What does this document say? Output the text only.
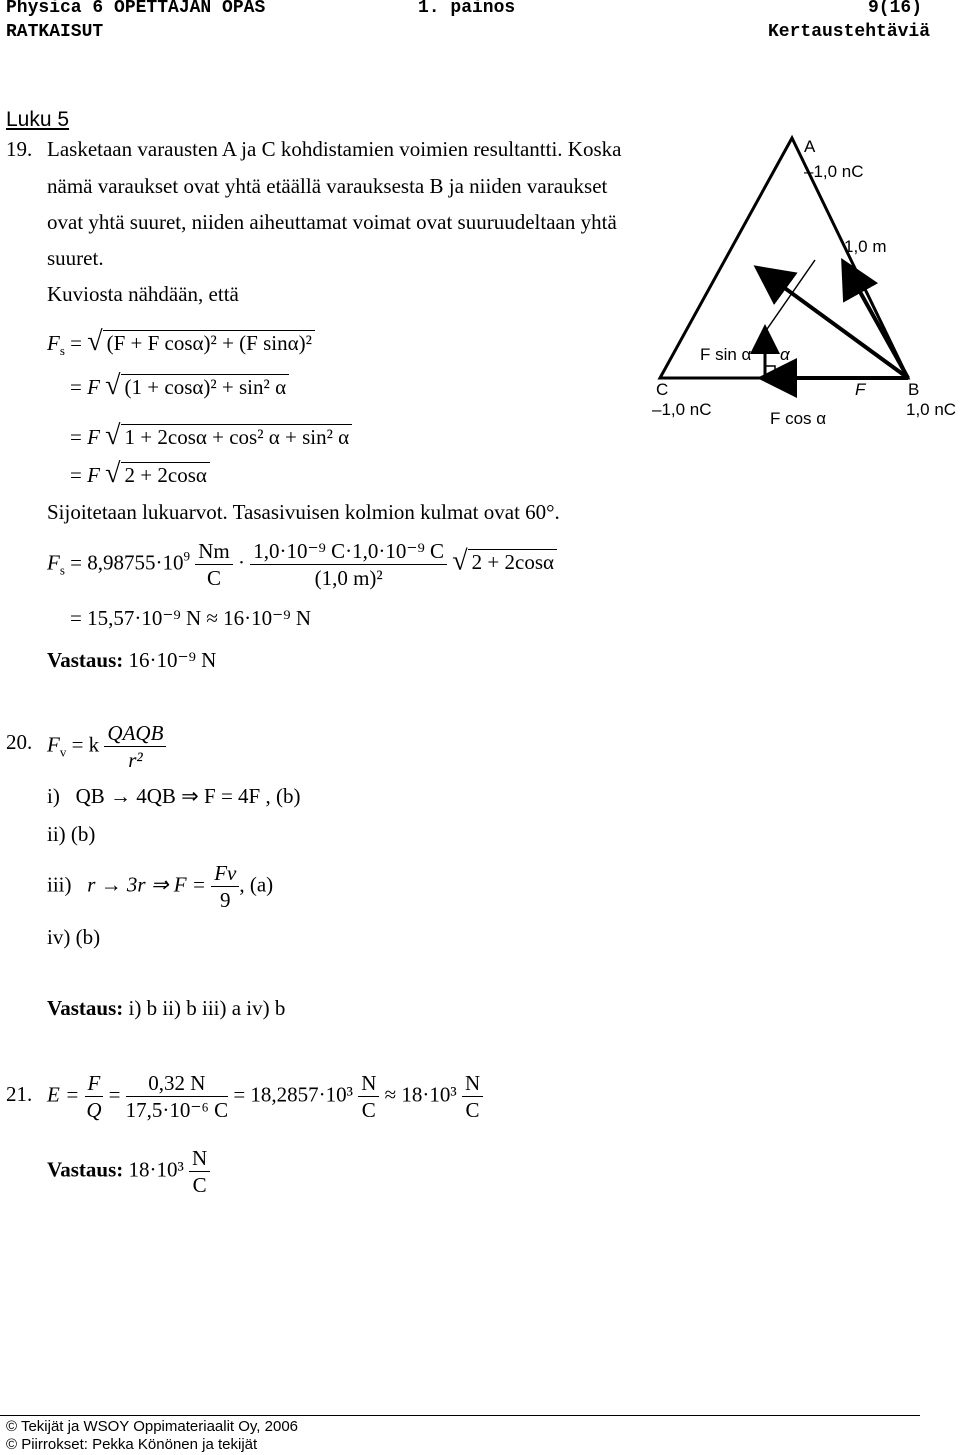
Physica 6 OPETTAJAN OPAS	1. painos	9(16)
RATKAISUT	Kertaustehtäviä
Luku 5
19. Lasketaan varausten A ja C kohdistamien voimien resultantti. Koska
nämä varaukset ovat yhtä etäällä varauksesta B ja niiden varaukset
ovat yhtä suuret, niiden aiheuttamat voimat ovat suuruudeltaan yhtä
suuret.
Kuviosta nähdään, että
$F_s$ = √ (F + F cosα)² + (F sinα)²
= F √ (1 + cosα)² + sin² α
= F √ 1 + 2cosα + cos² α + sin² α
= F √ 2 + 2cosα
Sijoitetaan lukuarvot. Tasasivuisen kolmion kulmat ovat 60°.
$F_s = 8,98755\cdot 10^9 \frac{Nm}{C} \cdot \frac{\text{1,0·10⁻⁹ C·1,0·10⁻⁹ C}}{\text{(1,0 m)²}}$ √ 2 + 2cosα
= 15,57·10⁻⁹ N ≈ 16·10⁻⁹ N
Vastaus: 16·10⁻⁹ N
A
–1,0 nC
1,0 m
F sin α α
C
–1,0 nC
F	B
1,0 nC
F cos α
20. $F_v = k \frac{\text{QAQB}}{\text{r²}}$
i) QB → 4QB ⇒ F = 4F , (b)
ii) (b)
iii) r → 3r ⇒ $F = \frac{Fv}{9}$ , (a)
iv) (b)
Vastaus: i) b ii) b iii) a iv) b
21. $E = \frac{F}{Q} = \frac{0,32 N}{\text{17,5·10⁻⁶ C}} = 18,2857\cdot 10^3 \frac{N}{C} \approx 18\cdot 10^3 \frac{N}{C}$
Vastaus: $18\cdot 10^3 \frac{N}{C}$
© Tekijät ja WSOY Oppimateriaalit Oy, 2006
© Piirrokset: Pekka Könönen ja tekijät
